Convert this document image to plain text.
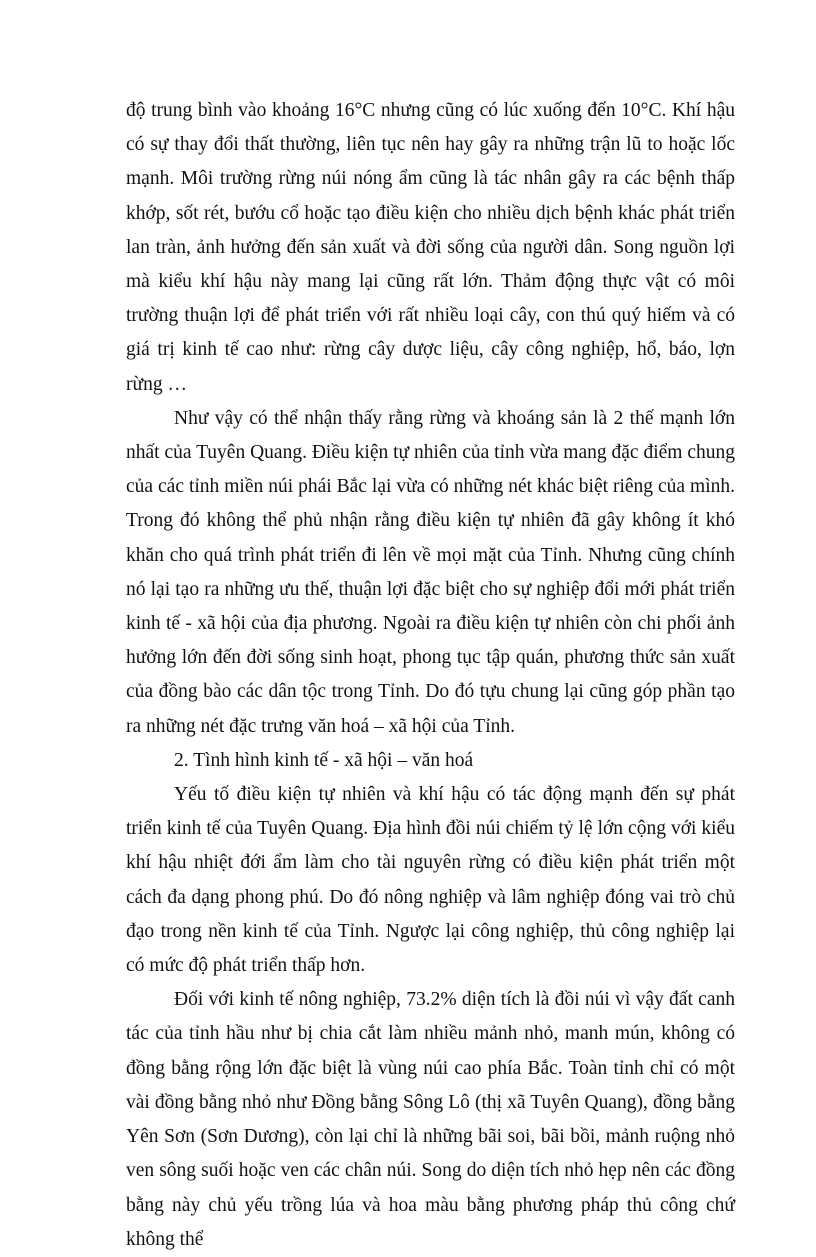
độ trung bình vào khoảng 16°C nhưng cũng có lúc xuống đến 10°C. Khí hậu có sự thay đổi thất thường, liên tục nên hay gây ra những trận lũ to hoặc lốc mạnh. Môi trường rừng núi nóng ẩm cũng là tác nhân gây ra các bệnh thấp khớp, sốt rét, bướu cổ hoặc tạo điều kiện cho nhiều dịch bệnh khác phát triển lan tràn, ảnh hưởng đến sản xuất và đời sống của người dân. Song nguồn lợi mà kiểu khí hậu này mang lại cũng rất lớn. Thảm động thực vật có môi trường thuận lợi để phát triển với rất nhiều loại cây, con thú quý hiếm và có giá trị kinh tế cao như: rừng cây dược liệu, cây công nghiệp, hổ, báo, lợn rừng …

Như vậy có thể nhận thấy rằng rừng và khoáng sản là 2 thế mạnh lớn nhất của Tuyên Quang. Điều kiện tự nhiên của tỉnh vừa mang đặc điểm chung của các tỉnh miền núi phái Bắc lại vừa có những nét khác biệt riêng của mình. Trong đó không thể phủ nhận rằng điều kiện tự nhiên đã gây không ít khó khăn cho quá trình phát triển đi lên về mọi mặt của Tỉnh. Nhưng cũng chính nó lại tạo ra những ưu thế, thuận lợi đặc biệt cho sự nghiệp đổi mới phát triển kinh tế - xã hội của địa phương. Ngoài ra điều kiện tự nhiên còn chi phối ảnh hưởng lớn đến đời sống sinh hoạt, phong tục tập quán, phương thức sản xuất của đồng bào các dân tộc trong Tỉnh. Do đó tựu chung lại cũng góp phần tạo ra những nét đặc trưng văn hoá – xã hội của Tỉnh.

2. Tình hình kinh tế - xã hội – văn hoá

Yếu tố điều kiện tự nhiên và khí hậu có tác động mạnh đến sự phát triển kinh tế của Tuyên Quang. Địa hình đồi núi chiếm tỷ lệ lớn cộng với kiểu khí hậu nhiệt đới ẩm làm cho tài nguyên rừng có điều kiện phát triển một cách đa dạng phong phú. Do đó nông nghiệp và lâm nghiệp đóng vai trò chủ đạo trong nền kinh tế của Tỉnh. Ngược lại công nghiệp, thủ công nghiệp lại có mức độ phát triển thấp hơn.

Đối với kinh tế nông nghiệp, 73.2% diện tích là đồi núi vì vậy đất canh tác của tỉnh hầu như bị chia cắt làm nhiều mảnh nhỏ, manh mún, không có đồng bằng rộng lớn đặc biệt là vùng núi cao phía Bắc. Toàn tỉnh chỉ có một vài đồng bằng nhỏ như Đồng bằng Sông Lô (thị xã Tuyên Quang), đồng bằng Yên Sơn (Sơn Dương), còn lại chỉ là những bãi soi, bãi bồi, mảnh ruộng nhỏ ven sông suối hoặc ven các chân núi. Song do diện tích nhỏ hẹp nên các đồng bằng này chủ yếu trồng lúa và hoa màu bằng phương pháp thủ công chứ không thể
